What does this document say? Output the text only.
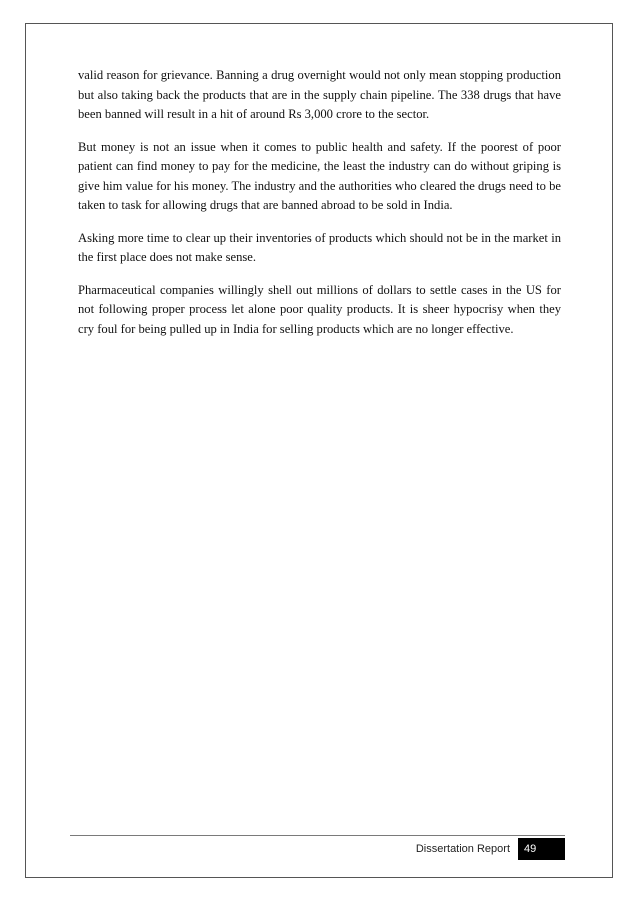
valid reason for grievance. Banning a drug overnight would not only mean stopping production but also taking back the products that are in the supply chain pipeline. The 338 drugs that have been banned will result in a hit of around Rs 3,000 crore to the sector.

But money is not an issue when it comes to public health and safety. If the poorest of poor patient can find money to pay for the medicine, the least the industry can do without griping is give him value for his money. The industry and the authorities who cleared the drugs need to be taken to task for allowing drugs that are banned abroad to be sold in India.

Asking more time to clear up their inventories of products which should not be in the market in the first place does not make sense.

Pharmaceutical companies willingly shell out millions of dollars to settle cases in the US for not following proper process let alone poor quality products. It is sheer hypocrisy when they cry foul for being pulled up in India for selling products which are no longer effective.

Dissertation Report	49
